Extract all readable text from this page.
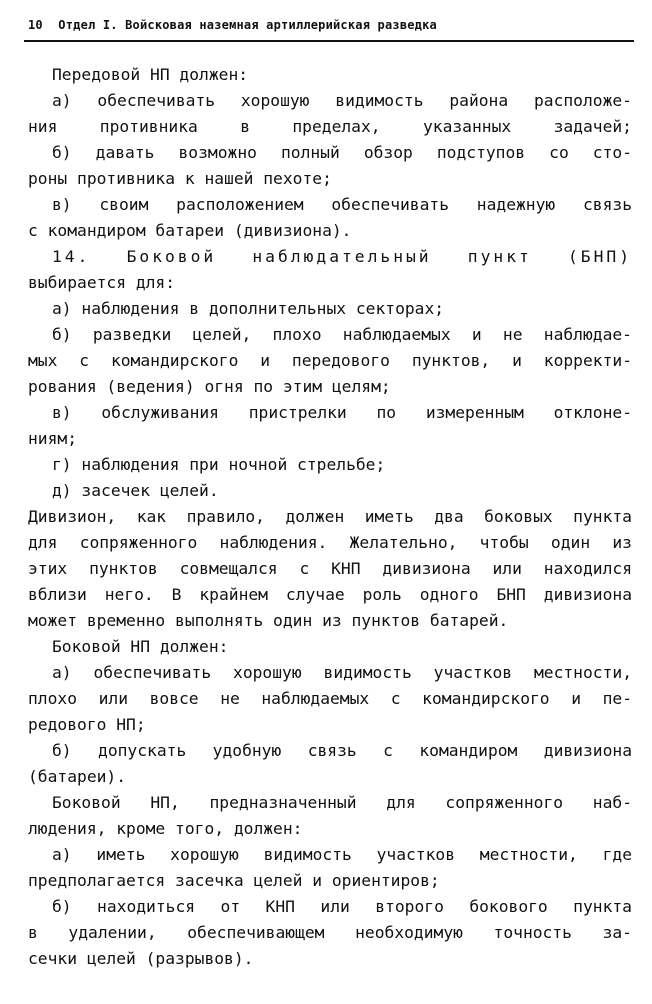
10 Отдел I. Войсковая наземная артиллерийская разведка
Передовой НП должен:
а) обеспечивать хорошую видимость района расположе-
ния противника в пределах, указанных задачей;
б) давать возможно полный обзор подступов со сто-
роны противника к нашей пехоте;
в) своим расположением обеспечивать надежную связь
с командиром батареи (дивизиона).
14. Боковой наблюдательный пункт (БНП)
выбирается для:
а) наблюдения в дополнительных секторах;
б) разведки целей, плохо наблюдаемых и не наблюдае-
мых с командирского и передового пунктов, и корректи-
рования (ведения) огня по этим целям;
в) обслуживания пристрелки по измеренным отклоне-
ниям;
г) наблюдения при ночной стрельбе;
д) засечек целей.
Дивизион, как правило, должен иметь два боковых пункта
для сопряженного наблюдения. Желательно, чтобы один из
этих пунктов совмещался с КНП дивизиона или находился
вблизи него. В крайнем случае роль одного БНП дивизиона
может временно выполнять один из пунктов батарей.
Боковой НП должен:
а) обеспечивать хорошую видимость участков местности,
плохо или вовсе не наблюдаемых с командирского и пе-
редового НП;
б) допускать удобную связь с командиром дивизиона
(батареи).
Боковой НП, предназначенный для сопряженного наб-
людения, кроме того, должен:
а) иметь хорошую видимость участков местности, где
предполагается засечка целей и ориентиров;
б) находиться от КНП или второго бокового пункта
в удалении, обеспечивающем необходимую точность за-
сечки целей (разрывов).
